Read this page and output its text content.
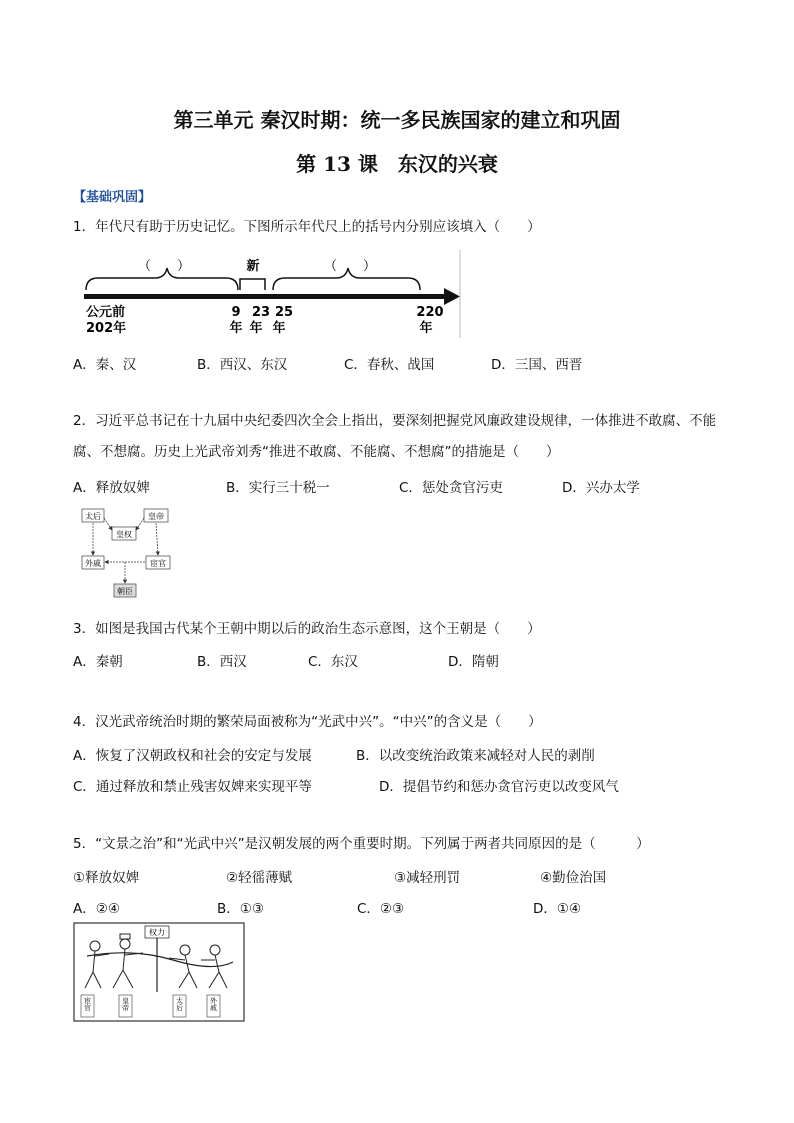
第三单元 秦汉时期：统一多民族国家的建立和巩固
第 13 课　东汉的兴衰
【基础巩固】
1．年代尺有助于历史记忆。下图所示年代尺上的括号内分别应该填入（　　）
（　　）	新	（　　）
公元前
202年
9
年
23
年
25
年
220
年
A．秦、汉	B．西汉、东汉	C．春秋、战国	D．三国、西晋
2．习近平总书记在十九届中央纪委四次全会上指出，要深刻把握党风廉政建设规律，一体推进不敢腐、不能
腐、不想腐。历史上光武帝刘秀“推进不敢腐、不能腐、不想腐”的措施是（　　）
A．释放奴婢	B．实行三十税一	C．惩处贪官污吏	D．兴办太学
太后	皇帝
皇权
外戚	宦官
朝臣
3．如图是我国古代某个王朝中期以后的政治生态示意图，这个王朝是（　　）
A．秦朝	B．西汉	C．东汉	D．隋朝
4．汉光武帝统治时期的繁荣局面被称为“光武中兴”。“中兴”的含义是（　　）
A．恢复了汉朝政权和社会的安定与发展	B．以改变统治政策来减轻对人民的剥削
C．通过释放和禁止残害奴婢来实现平等	D．提倡节约和惩办贪官污吏以改变风气
5．“文景之治”和“光武中兴”是汉朝发展的两个重要时期。下列属于两者共同原因的是（　　　）
①释放奴婢	②轻徭薄赋	③减轻刑罚	④勤俭治国
A．②④	B．①③	C．②③	D．①④
权力
宦官	皇帝	太后	外戚
